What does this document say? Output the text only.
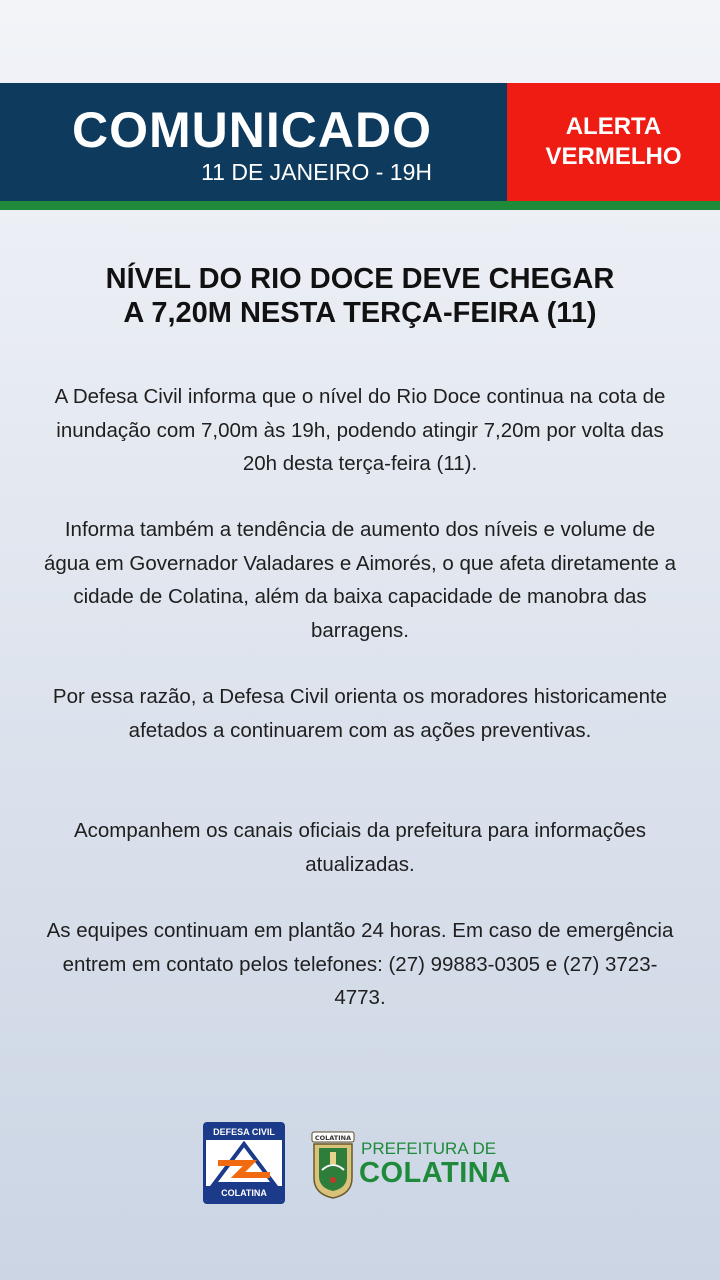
COMUNICADO
11 DE JANEIRO - 19H
ALERTA
VERMELHO
NÍVEL DO RIO DOCE DEVE CHEGAR
A 7,20M NESTA TERÇA-FEIRA (11)
A Defesa Civil informa que o nível do Rio Doce continua na cota de inundação com 7,00m às 19h, podendo atingir 7,20m por volta das 20h desta terça-feira (11).
Informa também a tendência de aumento dos níveis e volume de água em Governador Valadares e Aimorés, o que afeta diretamente a cidade de Colatina, além da baixa capacidade de manobra das barragens.
Por essa razão, a Defesa Civil orienta os moradores historicamente afetados a continuarem com as ações preventivas.
Acompanhem os canais oficiais da prefeitura para informações atualizadas.
As equipes continuam em plantão 24 horas. Em caso de emergência entrem em contato pelos telefones: (27) 99883-0305 e (27) 3723-4773.
DEFESA CIVIL
COLATINA
COLATINA
PREFEITURA DE
COLATINA
